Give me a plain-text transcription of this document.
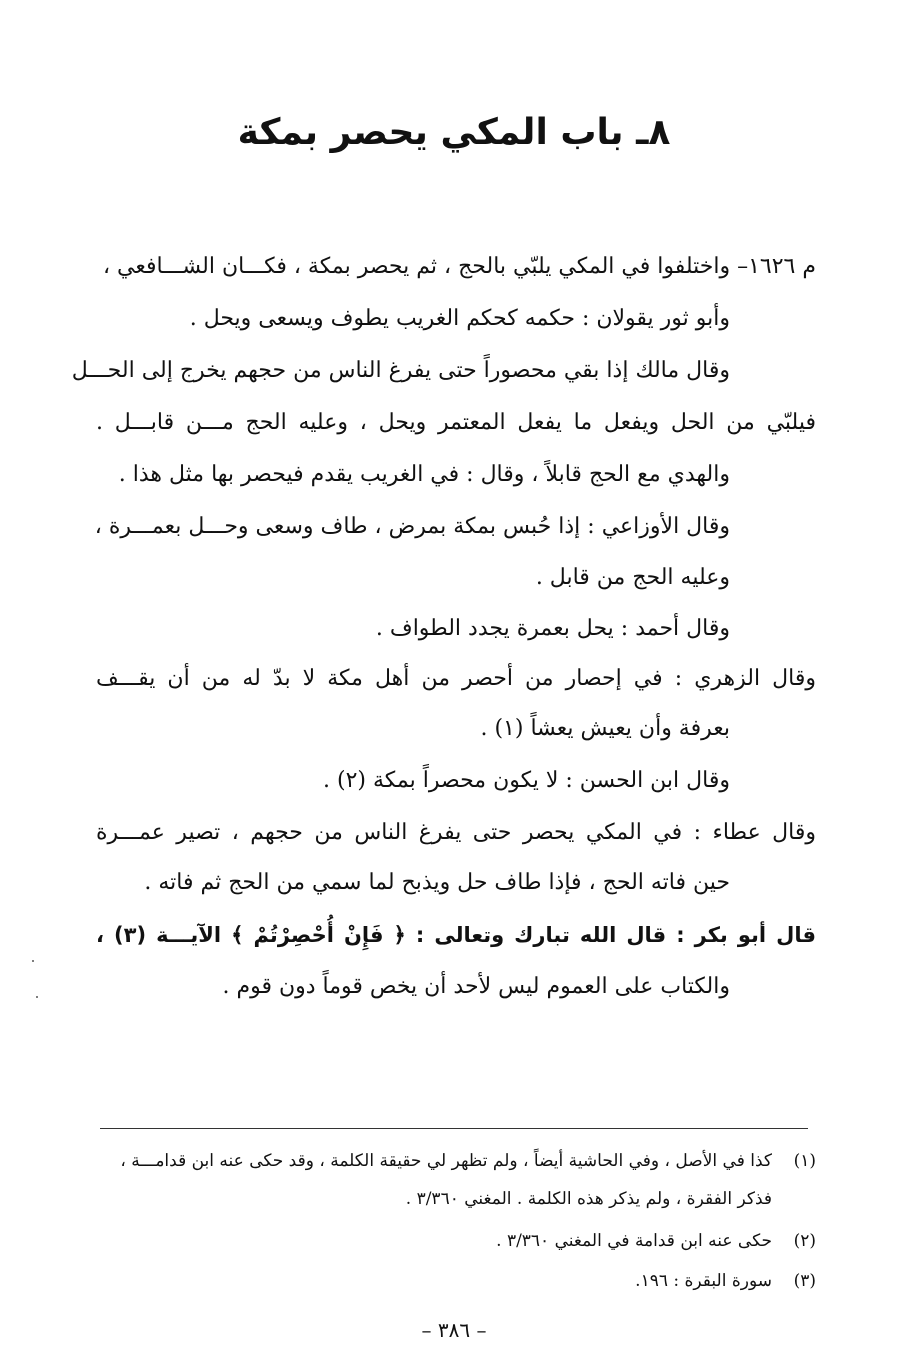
٨ـ باب المكي يحصر بمكة
م ١٦٢٦– واختلفوا في المكي يلبّي بالحج ، ثم يحصر بمكة ، فكـــان الشـــافعي ،
وأبو ثور يقولان : حكمه كحكم الغريب يطوف ويسعى ويحل .
وقال مالك إذا بقي محصوراً حتى يفرغ الناس من حجهم يخرج إلى الحـــل
فيلبّي من الحل ويفعل ما يفعل المعتمر ويحل ، وعليه الحج مـــن قابـــل .
والهدي مع الحج قابلاً ، وقال : في الغريب يقدم فيحصر بها مثل هذا .
وقال الأوزاعي : إذا حُبس بمكة بمرض ، طاف وسعى وحـــل بعمـــرة ،
وعليه الحج من قابل .
وقال أحمد : يحل بعمرة يجدد الطواف .
وقال الزهري : في إحصار من أحصر من أهل مكة لا بدّ له من أن يقـــف
بعرفة وأن يعيش يعشاً (١) .
وقال ابن الحسن : لا يكون محصراً بمكة (٢) .
وقال عطاء : في المكي يحصر حتى يفرغ الناس من حجهم ، تصير عمـــرة
حين فاته الحج ، فإذا طاف حل ويذبح لما سمي من الحج ثم فاته .
قال أبو بكر : قال الله تبارك وتعالى : ﴿ فَإِنْ أُحْصِرْتُمْ ﴾ الآيـــة (٣) ،
والكتاب على العموم ليس لأحد أن يخص قوماً دون قوم .
(١)كذا في الأصل ، وفي الحاشية أيضاً ، ولم تظهر لي حقيقة الكلمة ، وقد حكى عنه ابن قدامـــة ،
فذكر الفقرة ، ولم يذكر هذه الكلمة . المغني ٣/٣٦٠ .
(٢)حكى عنه ابن قدامة في المغني ٣/٣٦٠ .
(٣)سورة البقرة : ١٩٦.
– ٣٨٦ –
